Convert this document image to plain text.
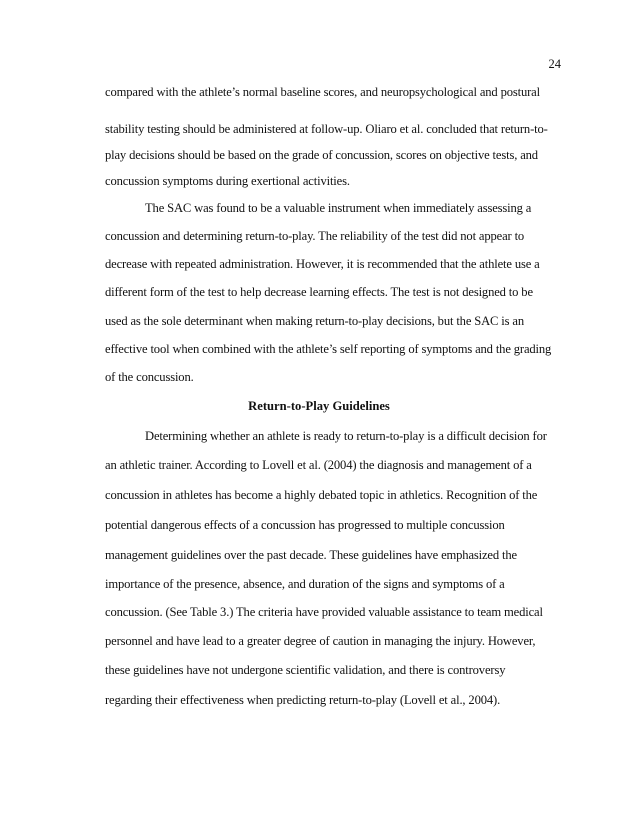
24
compared with the athlete’s normal baseline scores, and neuropsychological and postural
stability testing should be administered at follow-up. Oliaro et al. concluded that return-to-
play decisions should be based on the grade of concussion, scores on objective tests, and
concussion symptoms during exertional activities.
The SAC was found to be a valuable instrument when immediately assessing a
concussion and determining return-to-play. The reliability of the test did not appear to
decrease with repeated administration. However, it is recommended that the athlete use a
different form of the test to help decrease learning effects. The test is not designed to be
used as the sole determinant when making return-to-play decisions, but the SAC is an
effective tool when combined with the athlete’s self reporting of symptoms and the grading
of the concussion.
Return-to-Play Guidelines
Determining whether an athlete is ready to return-to-play is a difficult decision for
an athletic trainer. According to Lovell et al. (2004) the diagnosis and management of a
concussion in athletes has become a highly debated topic in athletics. Recognition of the
potential dangerous effects of a concussion has progressed to multiple concussion
management guidelines over the past decade. These guidelines have emphasized the
importance of the presence, absence, and duration of the signs and symptoms of a
concussion. (See Table 3.) The criteria have provided valuable assistance to team medical
personnel and have lead to a greater degree of caution in managing the injury. However,
these guidelines have not undergone scientific validation, and there is controversy
regarding their effectiveness when predicting return-to-play (Lovell et al., 2004).
